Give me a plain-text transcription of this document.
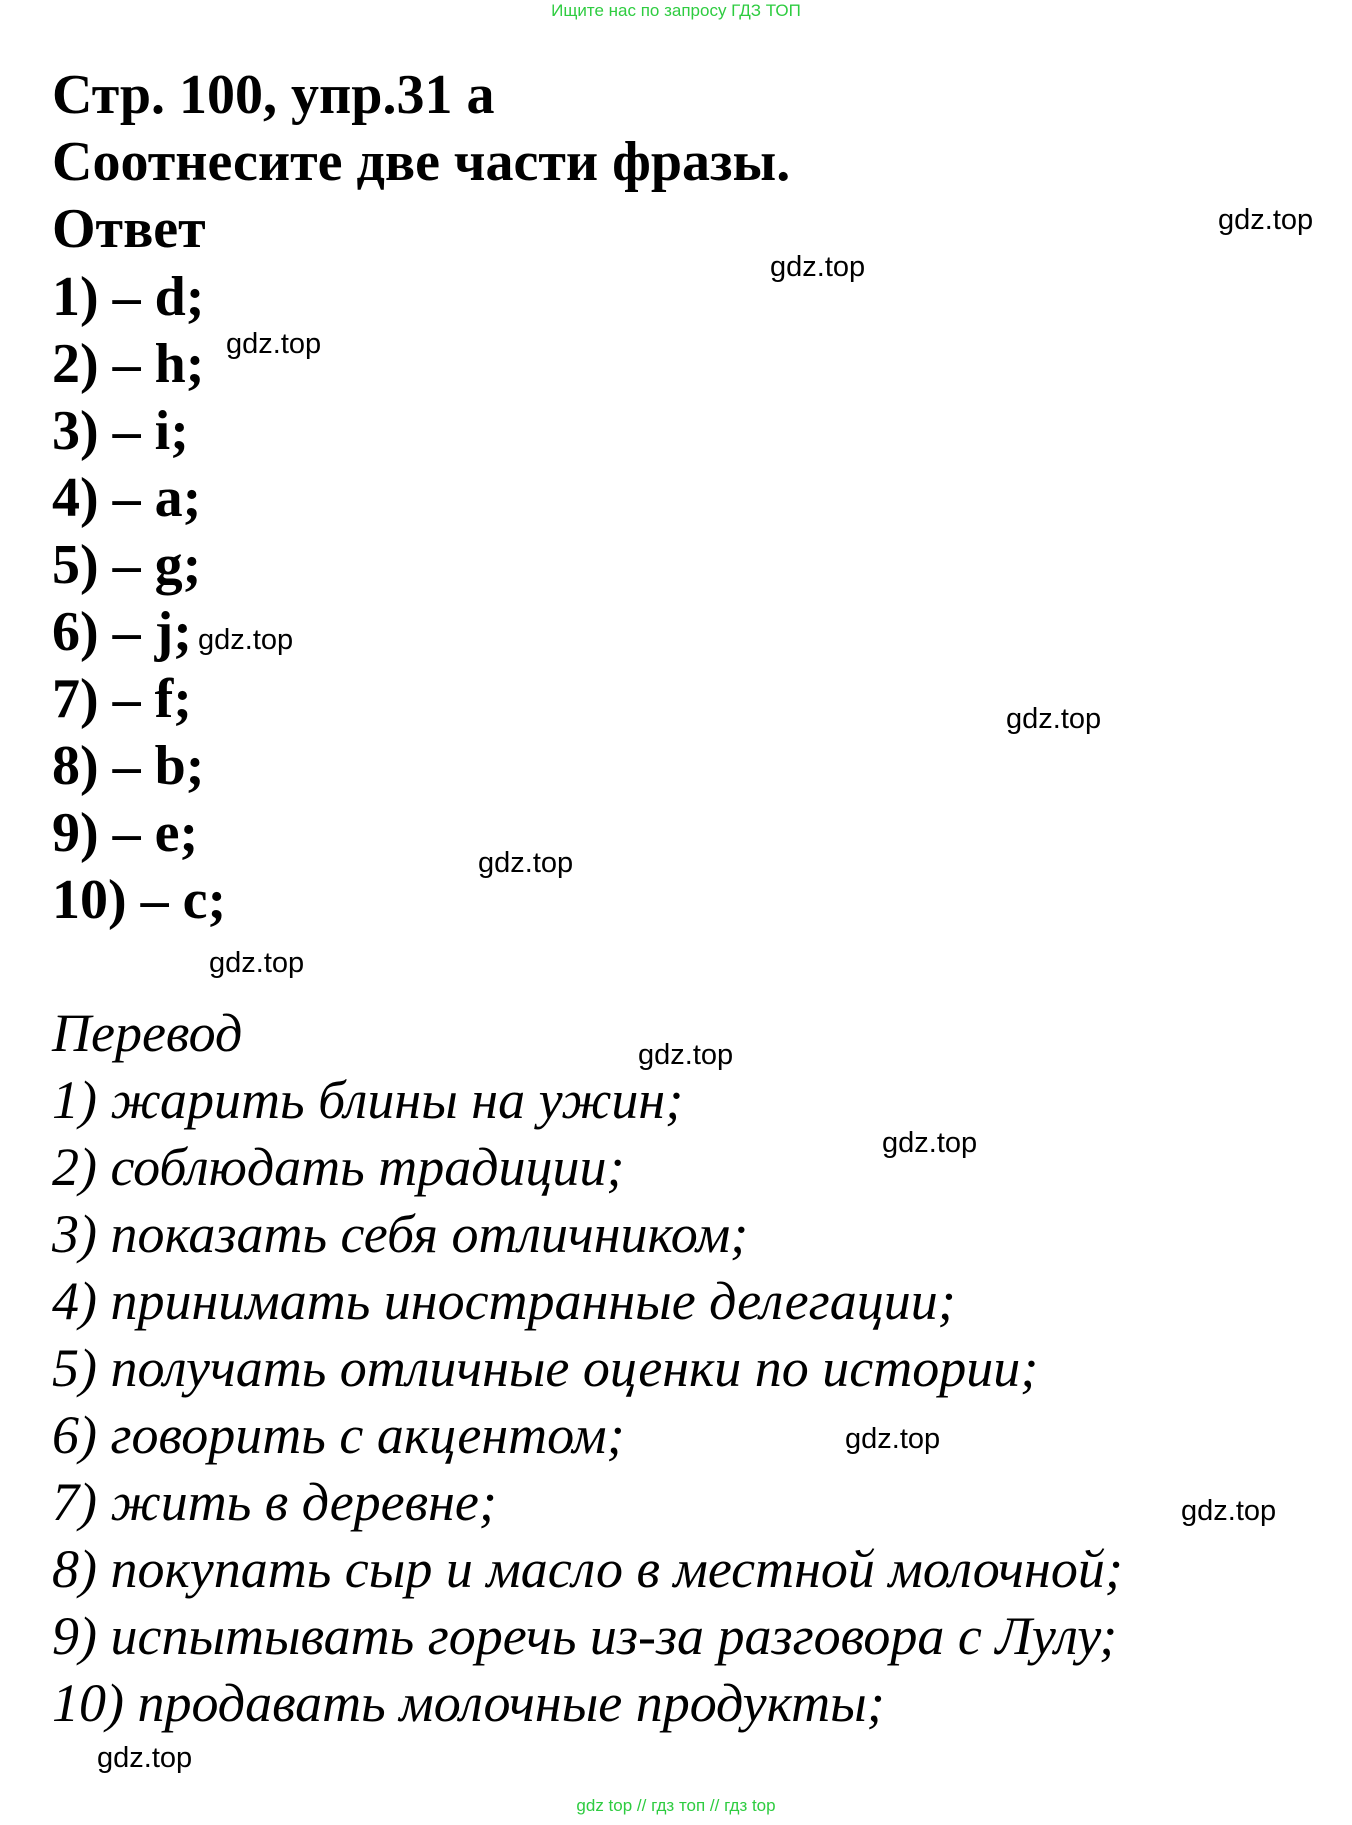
Ищите нас по запросу ГДЗ ТОП
Стр. 100, упр.31 а
Соотнесите две части фразы.
Ответ
1) – d;
2) – h;
3) – i;
4) – a;
5) – g;
6) – j;
7) – f;
8) – b;
9) – e;
10) – c;
Перевод
1) жарить блины на ужин;
2) соблюдать традиции;
3) показать себя отличником;
4) принимать иностранные делегации;
5) получать отличные оценки по истории;
6) говорить с акцентом;
7) жить в деревне;
8) покупать сыр и масло в местной молочной;
9) испытывать горечь из-за разговора с Лулу;
10) продавать молочные продукты;
gdz.top
gdz.top
gdz.top
gdz.top
gdz.top
gdz.top
gdz.top
gdz.top
gdz.top
gdz.top
gdz.top
gdz.top
gdz top // гдз топ // гдз top
